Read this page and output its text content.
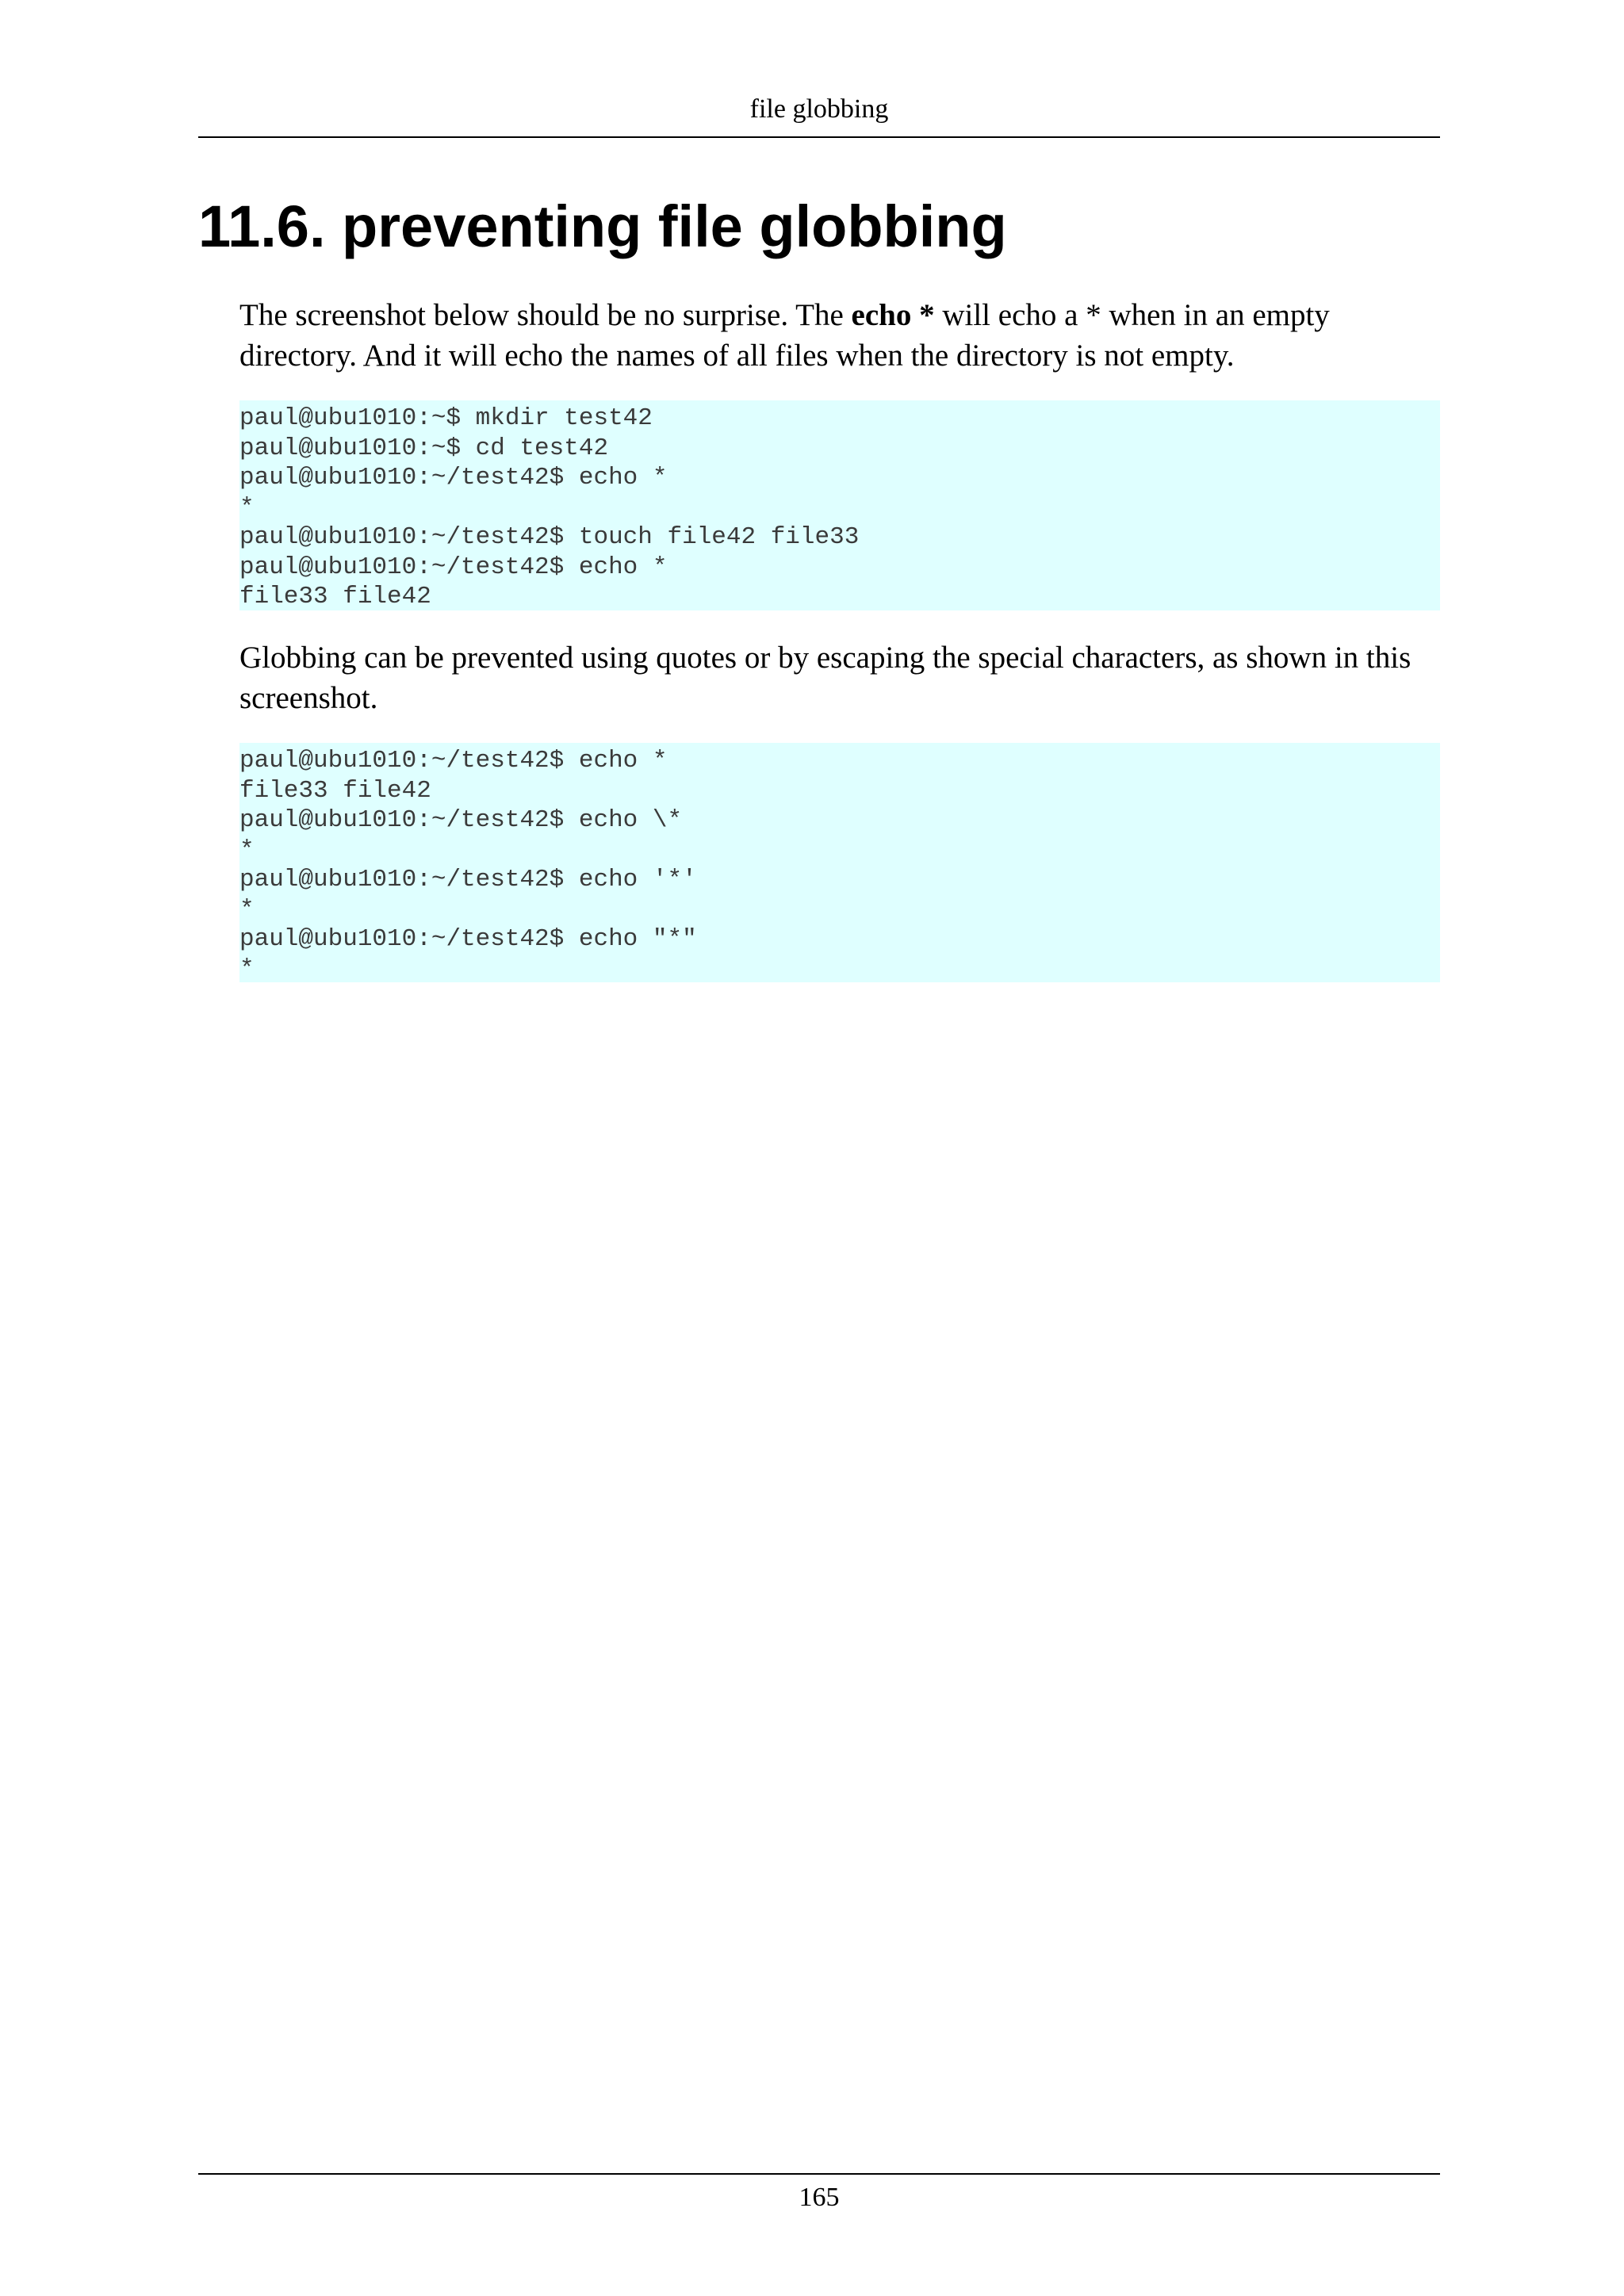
file globbing
11.6. preventing file globbing

The screenshot below should be no surprise. The echo * will echo a * when in an empty directory. And it will echo the names of all files when the directory is not empty.

paul@ubu1010:~$ mkdir test42
paul@ubu1010:~$ cd test42
paul@ubu1010:~/test42$ echo *
*
paul@ubu1010:~/test42$ touch file42 file33
paul@ubu1010:~/test42$ echo *
file33 file42

Globbing can be prevented using quotes or by escaping the special characters, as shown in this screenshot.

paul@ubu1010:~/test42$ echo *
file33 file42
paul@ubu1010:~/test42$ echo \*
*
paul@ubu1010:~/test42$ echo '*'
*
paul@ubu1010:~/test42$ echo "*"
*
165
